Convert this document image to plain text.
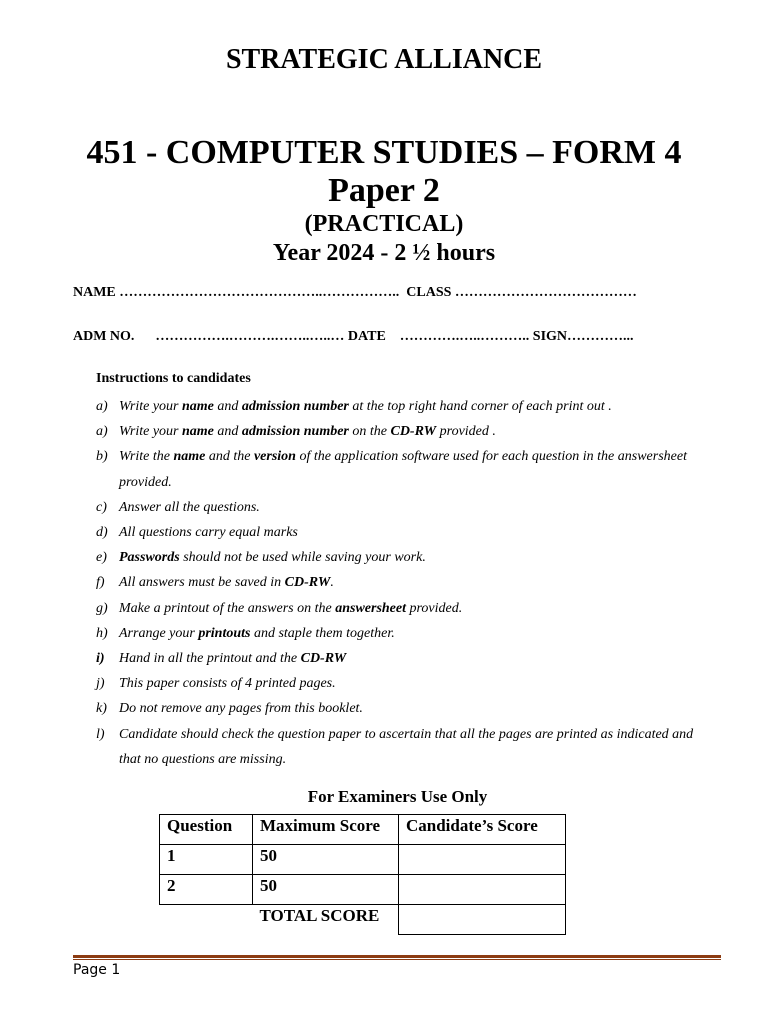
STRATEGIC ALLIANCE
451 - COMPUTER STUDIES – FORM 4
Paper 2
(PRACTICAL)
Year 2024 - 2 ½ hours
NAME ……………………………………..……………..  CLASS …………………………………
ADM NO.      …………….……….……..…..… DATE    ………….…..……….. SIGN…………...
Instructions to candidates
a) Write your name and admission number at the top right hand corner of each print out .
a) Write your name and admission number on the CD-RW provided .
b) Write the name and the version of the application software used for each question in the answersheet provided.
c) Answer all the questions.
d) All questions carry equal marks
e) Passwords should not be used while saving your work.
f) All answers must be saved in CD-RW.
g) Make a printout of the answers on the answersheet provided.
h) Arrange your printouts and staple them together.
i) Hand in all the printout and the CD-RW
j) This paper consists of 4 printed pages.
k) Do not remove any pages from this booklet.
l) Candidate should check the question paper to ascertain that all the pages are printed as indicated and that no questions are missing.
For Examiners Use Only
Question	Maximum Score	Candidate’s Score
1	50	
2	50	
	TOTAL SCORE	
Page 1
